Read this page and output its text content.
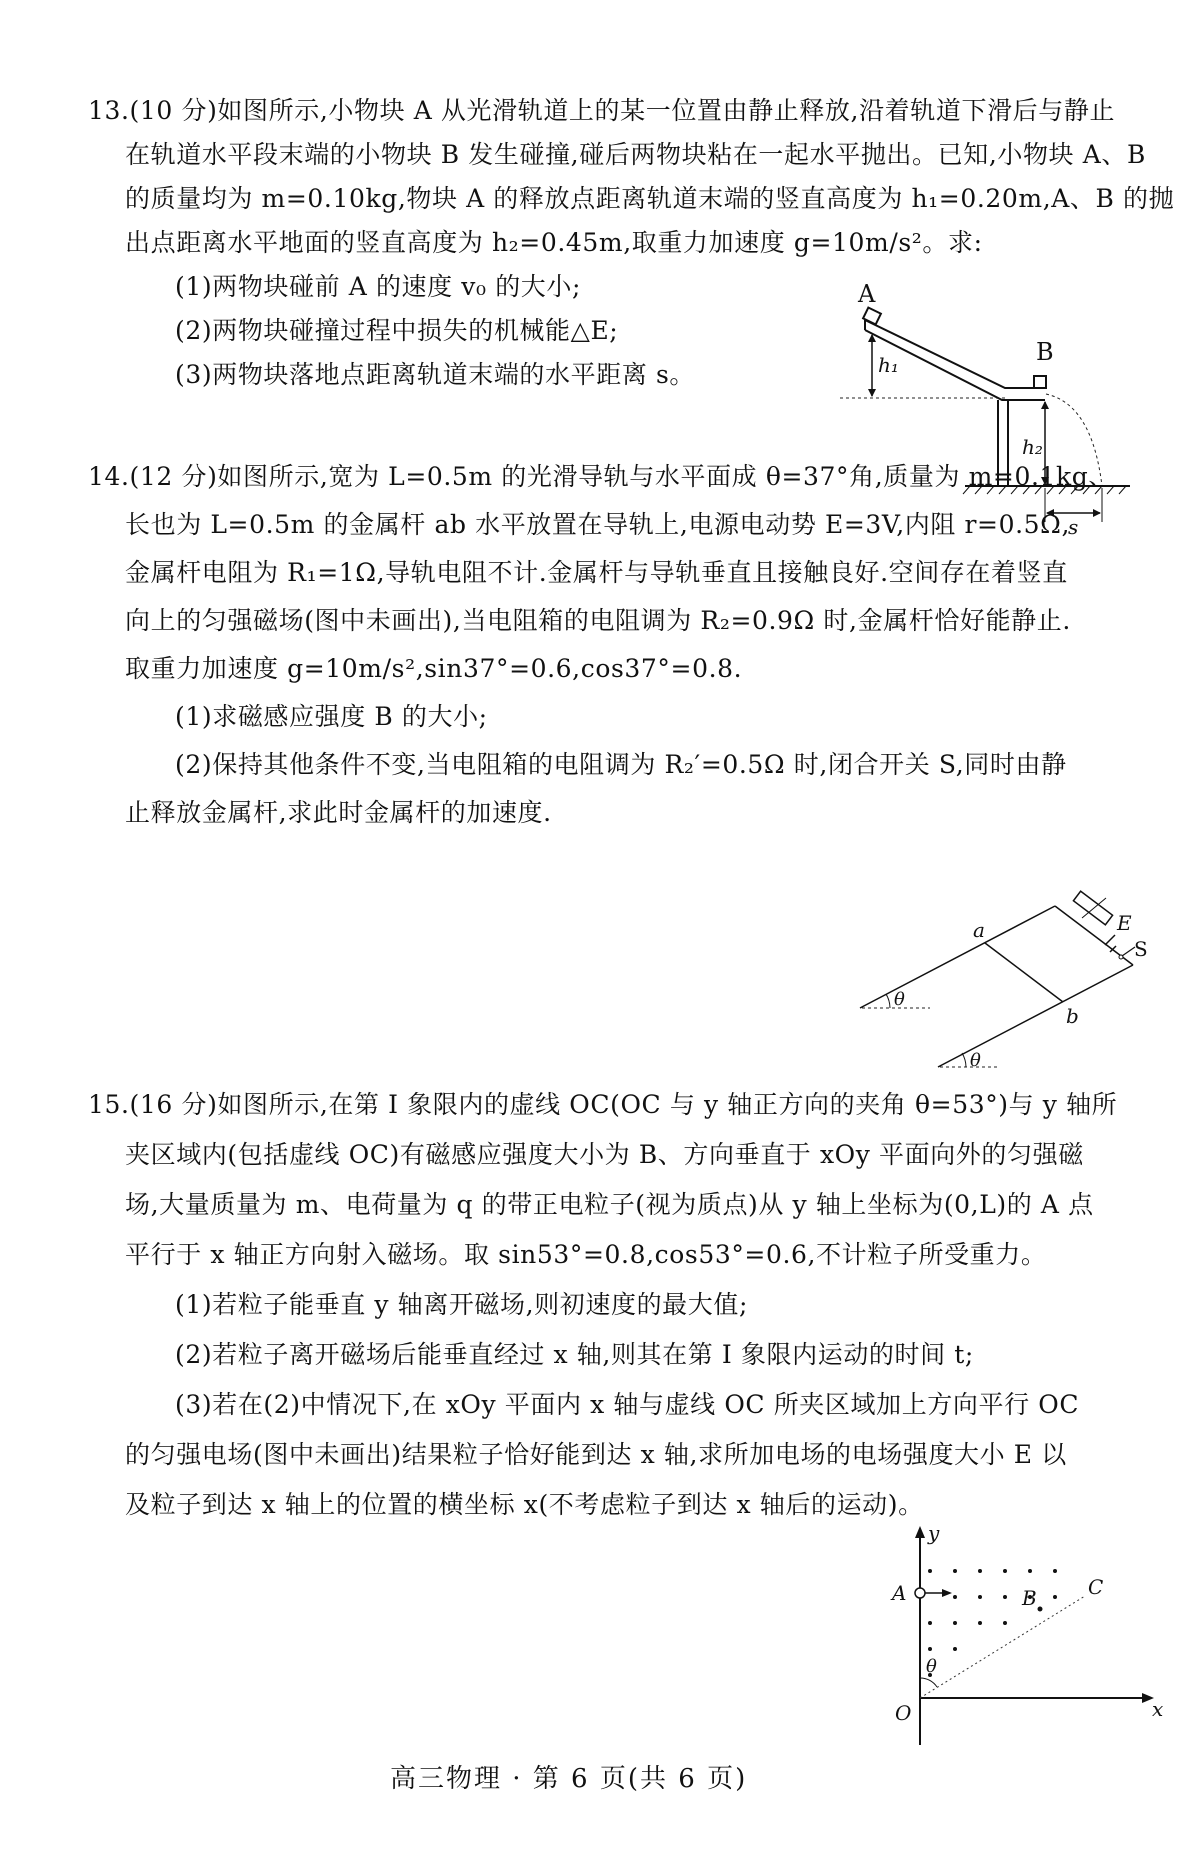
13.(10 分)如图所示,小物块 A 从光滑轨道上的某一位置由静止释放,沿着轨道下滑后与静止
在轨道水平段末端的小物块 B 发生碰撞,碰后两物块粘在一起水平抛出。已知,小物块 A、B
的质量均为 m=0.10kg,物块 A 的释放点距离轨道末端的竖直高度为 h₁=0.20m,A、B 的抛
出点距离水平地面的竖直高度为 h₂=0.45m,取重力加速度 g=10m/s²。求:
(1)两物块碰前 A 的速度 v₀ 的大小;
(2)两物块碰撞过程中损失的机械能△E;
(3)两物块落地点距离轨道末端的水平距离 s。
A
B
h₁
h₂
s
14.(12 分)如图所示,宽为 L=0.5m 的光滑导轨与水平面成 θ=37°角,质量为 m=0.1kg、
长也为 L=0.5m 的金属杆 ab 水平放置在导轨上,电源电动势 E=3V,内阻 r=0.5Ω,
金属杆电阻为 R₁=1Ω,导轨电阻不计.金属杆与导轨垂直且接触良好.空间存在着竖直
向上的匀强磁场(图中未画出),当电阻箱的电阻调为 R₂=0.9Ω 时,金属杆恰好能静止.
取重力加速度 g=10m/s²,sin37°=0.6,cos37°=0.8.
(1)求磁感应强度 B 的大小;
(2)保持其他条件不变,当电阻箱的电阻调为 R₂′=0.5Ω 时,闭合开关 S,同时由静
止释放金属杆,求此时金属杆的加速度.
θ
θ
a
b
E
S
15.(16 分)如图所示,在第 I 象限内的虚线 OC(OC 与 y 轴正方向的夹角 θ=53°)与 y 轴所
夹区域内(包括虚线 OC)有磁感应强度大小为 B、方向垂直于 xOy 平面向外的匀强磁
场,大量质量为 m、电荷量为 q 的带正电粒子(视为质点)从 y 轴上坐标为(0,L)的 A 点
平行于 x 轴正方向射入磁场。取 sin53°=0.8,cos53°=0.6,不计粒子所受重力。
(1)若粒子能垂直 y 轴离开磁场,则初速度的最大值;
(2)若粒子离开磁场后能垂直经过 x 轴,则其在第 I 象限内运动的时间 t;
(3)若在(2)中情况下,在 xOy 平面内 x 轴与虚线 OC 所夹区域加上方向平行 OC
的匀强电场(图中未画出)结果粒子恰好能到达 x 轴,求所加电场的电场强度大小 E 以
及粒子到达 x 轴上的位置的横坐标 x(不考虑粒子到达 x 轴后的运动)。
y
x
A	B	C
O
θ
高三物理 · 第 6 页(共 6 页)
